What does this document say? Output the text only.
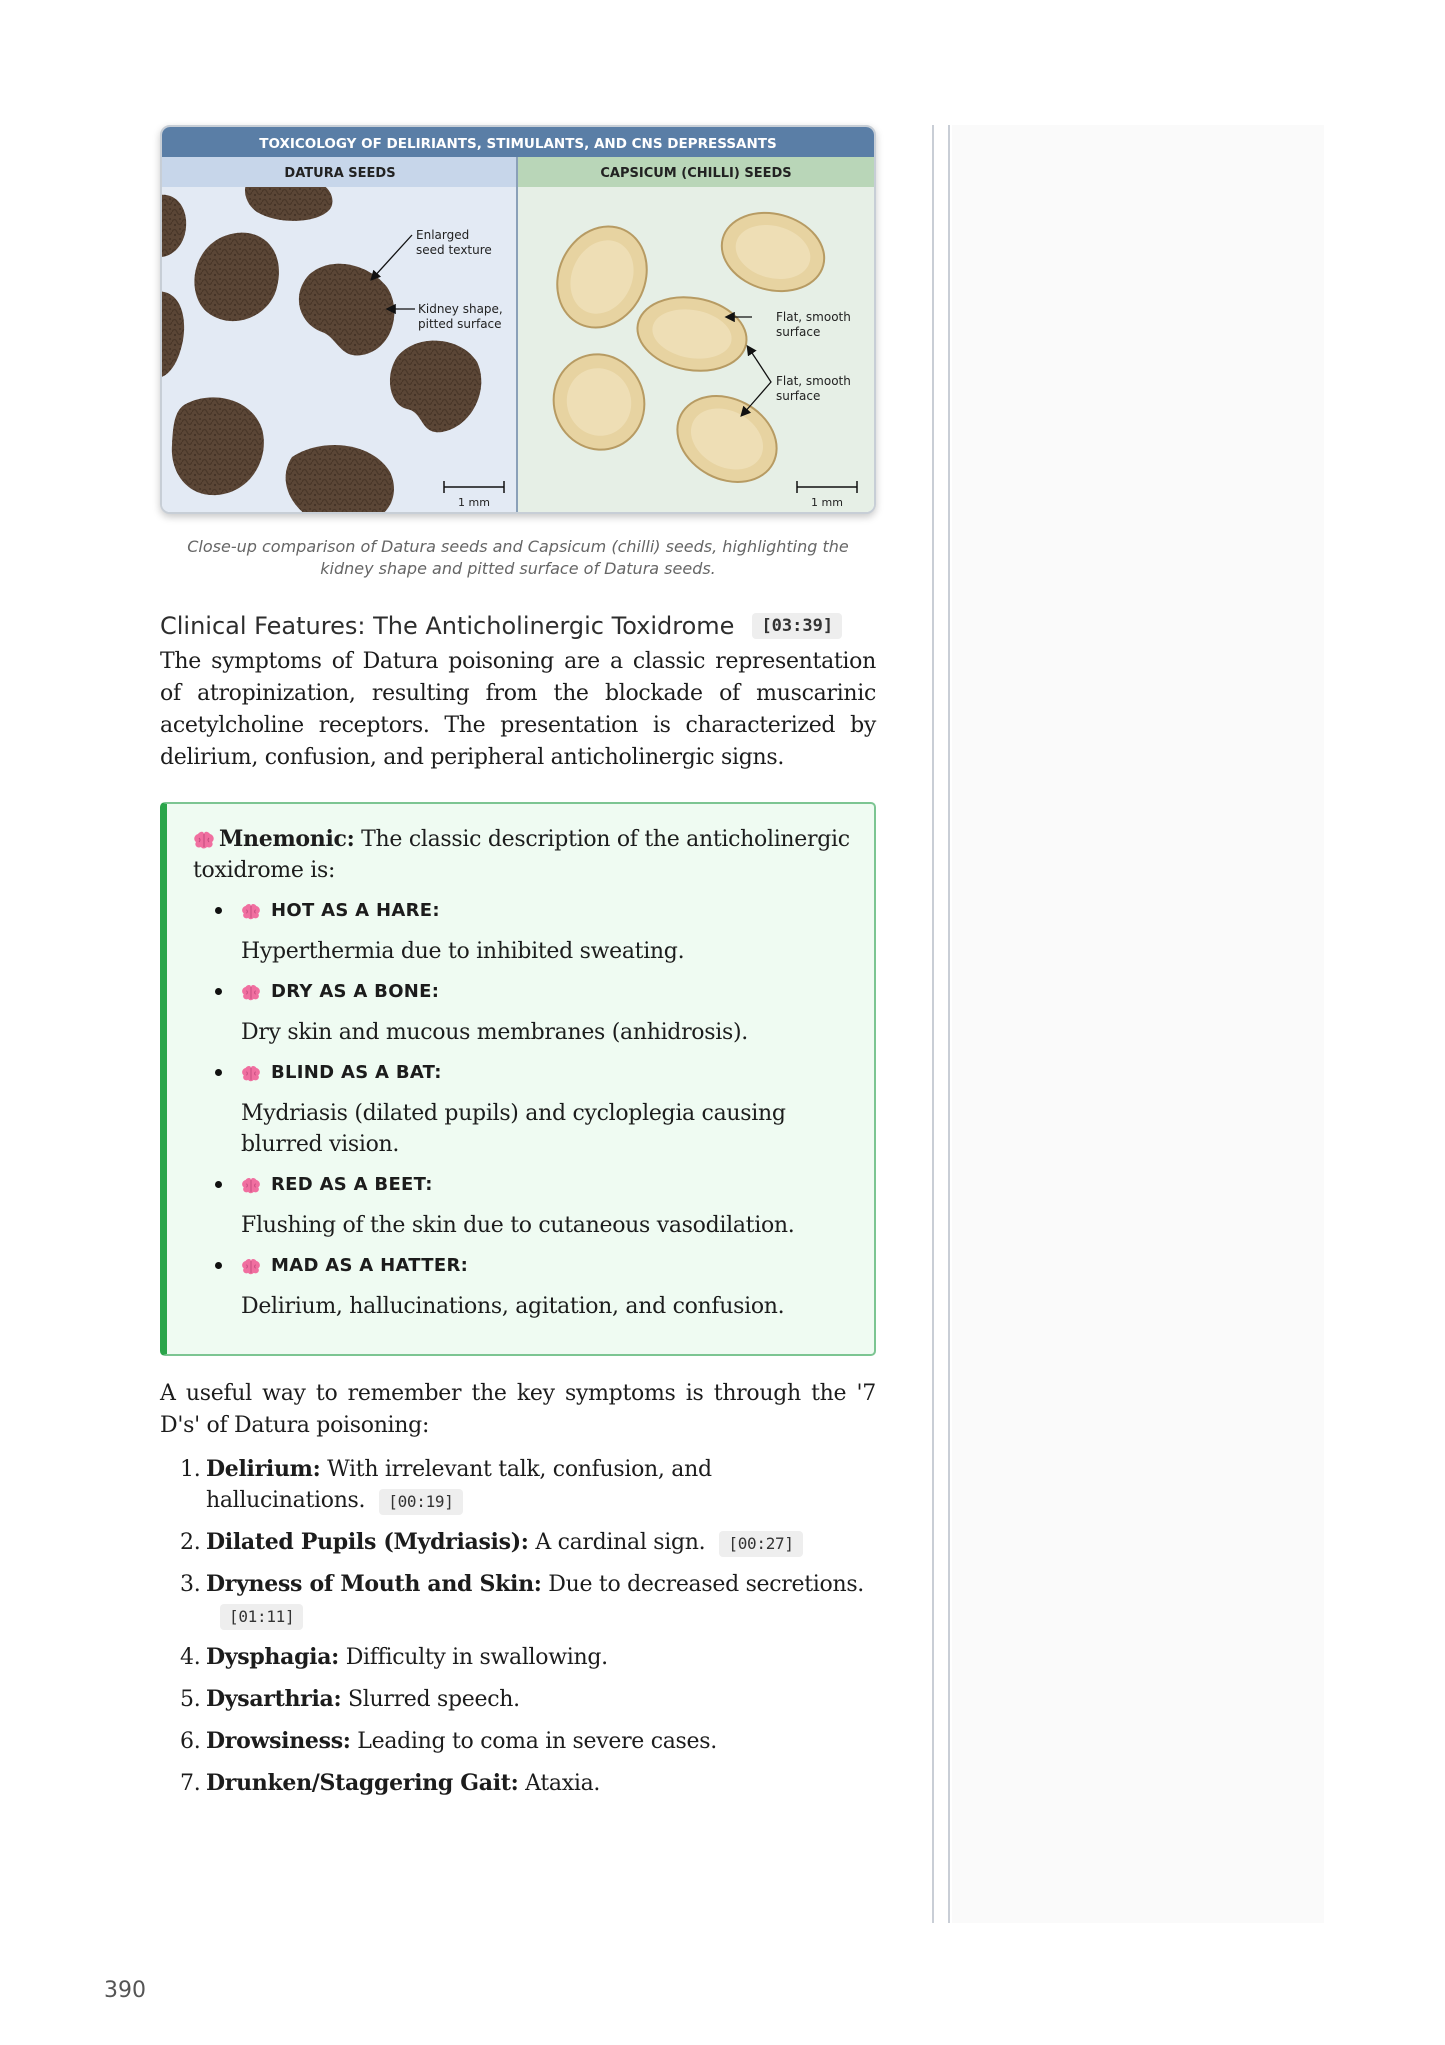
TOXICOLOGY OF DELIRIANTS, STIMULANTS, AND CNS DEPRESSANTS
DATURA SEEDS	CAPSICUM (CHILLI) SEEDS
Enlarged
seed texture
Kidney shape,
pitted surface
1 mm
Flat, smooth
surface
Flat, smooth
surface
1 mm

Close-up comparison of Datura seeds and Capsicum (chilli) seeds, highlighting the kidney shape and pitted surface of Datura seeds.

Clinical Features: The Anticholinergic Toxidrome	[03:39]

The symptoms of Datura poisoning are a classic representation of atropinization, resulting from the blockade of muscarinic acetylcholine receptors. The presentation is characterized by delirium, confusion, and peripheral anticholinergic signs.

Mnemonic: The classic description of the anticholinergic toxidrome is:

HOT AS A HARE:
Hyperthermia due to inhibited sweating.
DRY AS A BONE:
Dry skin and mucous membranes (anhidrosis).
BLIND AS A BAT:
Mydriasis (dilated pupils) and cycloplegia causing blurred vision.
RED AS A BEET:
Flushing of the skin due to cutaneous vasodilation.
MAD AS A HATTER:
Delirium, hallucinations, agitation, and confusion.

A useful way to remember the key symptoms is through the '7 D's' of Datura poisoning:

1. Delirium: With irrelevant talk, confusion, and hallucinations. [00:19]
2. Dilated Pupils (Mydriasis): A cardinal sign. [00:27]
3. Dryness of Mouth and Skin: Due to decreased secretions.
[01:11]
4. Dysphagia: Difficulty in swallowing.
5. Dysarthria: Slurred speech.
6. Drowsiness: Leading to coma in severe cases.
7. Drunken/Staggering Gait: Ataxia.
390
